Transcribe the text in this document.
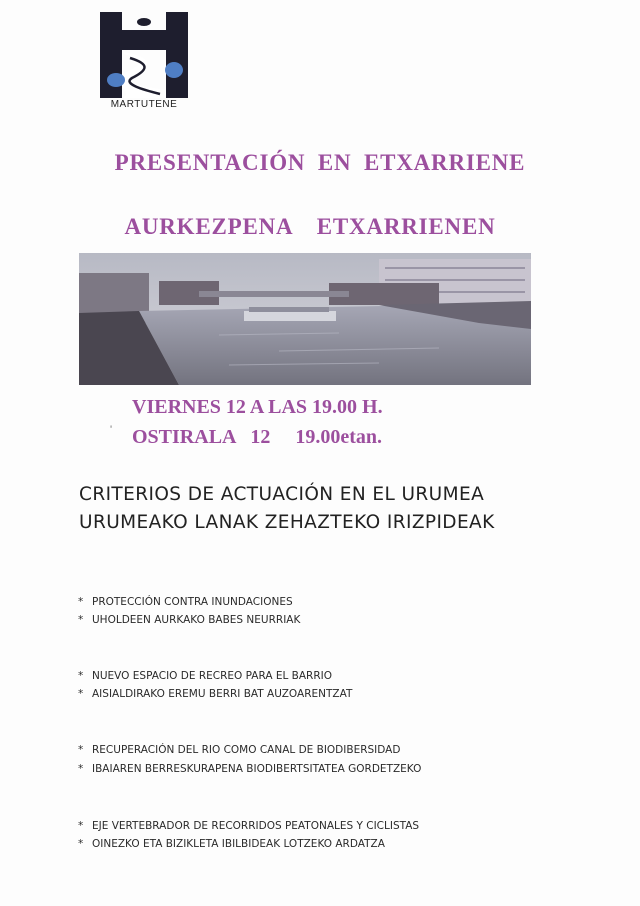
MARTUTENE
PRESENTACIÓN EN ETXARRIENE
AURKEZPENA ETXARRIENEN
VIERNES 12 A LAS 19.00 H.
' OSTIRALA   12     19.00etan.
CRITERIOS DE ACTUACIÓN EN EL URUMEA
URUMEAKO LANAK ZEHAZTEKO IRIZPIDEAK
* PROTECCIÓN CONTRA INUNDACIONES
* UHOLDEEN AURKAKO BABES NEURRIAK
* NUEVO ESPACIO DE RECREO PARA EL BARRIO
* AISIALDIRAKO EREMU BERRI BAT AUZOARENTZAT
* RECUPERACIÓN DEL RIO COMO CANAL DE BIODIBERSIDAD
* IBAIAREN BERRESKURAPENA BIODIBERTSITATEA GORDETZEKO
* EJE VERTEBRADOR DE RECORRIDOS PEATONALES Y CICLISTAS
* OINEZKO ETA BIZIKLETA IBILBIDEAK LOTZEKO ARDATZA
